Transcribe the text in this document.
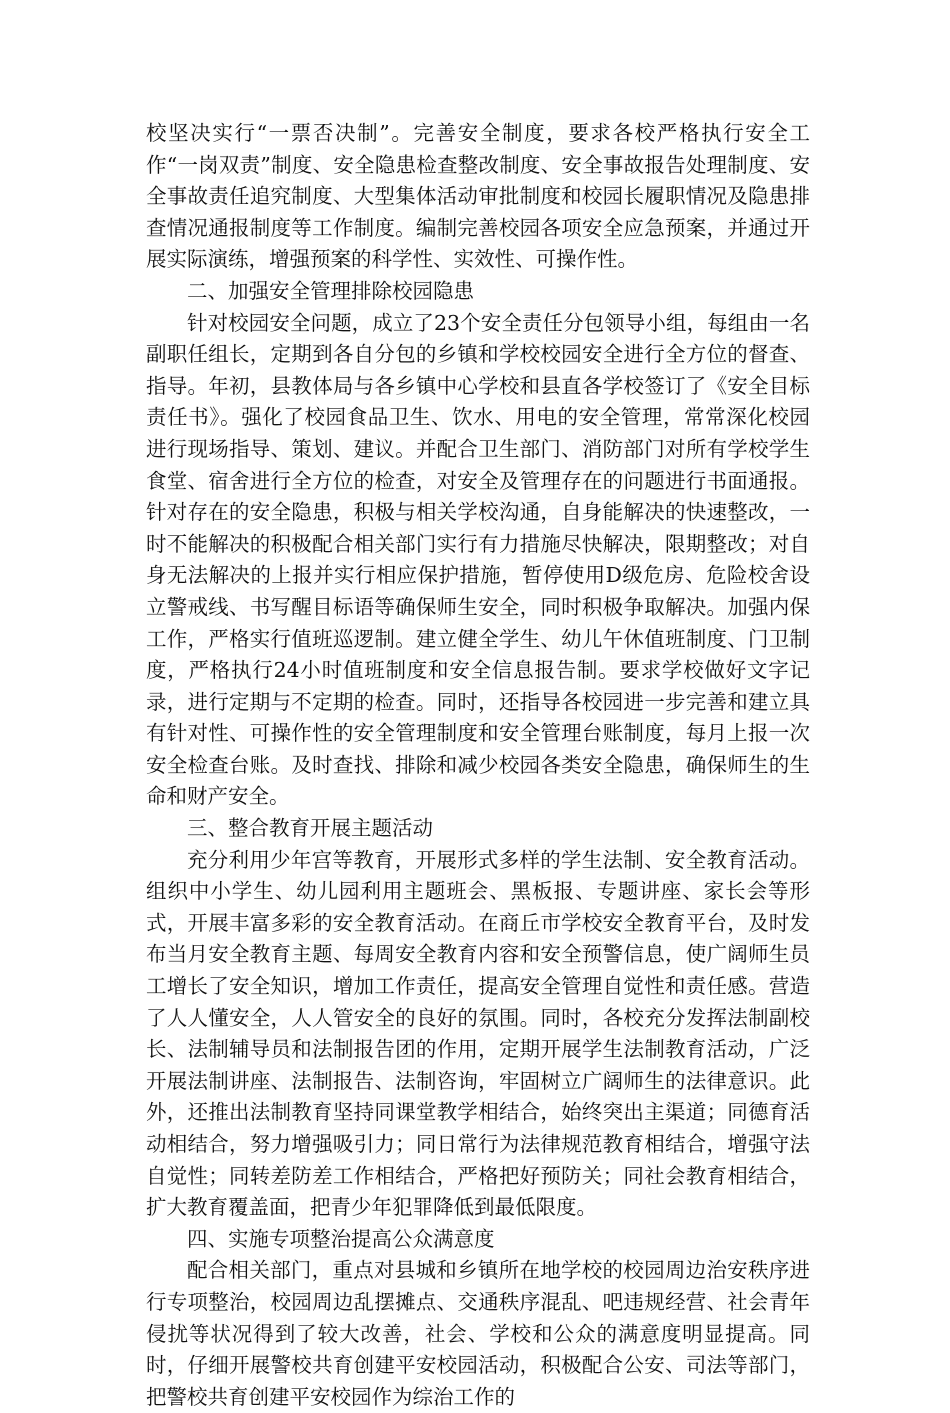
校坚决实行“一票否决制”。完善安全制度，要求各校严格执行安全工作“一岗双责”制度、安全隐患检查整改制度、安全事故报告处理制度、安全事故责任追究制度、大型集体活动审批制度和校园长履职情况及隐患排查情况通报制度等工作制度。编制完善校园各项安全应急预案，并通过开展实际演练，增强预案的科学性、实效性、可操作性。

二、加强安全管理排除校园隐患

针对校园安全问题，成立了23个安全责任分包领导小组，每组由一名副职任组长，定期到各自分包的乡镇和学校校园安全进行全方位的督查、指导。年初，县教体局与各乡镇中心学校和县直各学校签订了《安全目标责任书》。强化了校园食品卫生、饮水、用电的安全管理，常常深化校园进行现场指导、策划、建议。并配合卫生部门、消防部门对所有学校学生食堂、宿舍进行全方位的检查，对安全及管理存在的问题进行书面通报。针对存在的安全隐患，积极与相关学校沟通，自身能解决的快速整改，一时不能解决的积极配合相关部门实行有力措施尽快解决，限期整改；对自身无法解决的上报并实行相应保护措施，暂停使用D级危房、危险校舍设立警戒线、书写醒目标语等确保师生安全，同时积极争取解决。加强内保工作，严格实行值班巡逻制。建立健全学生、幼儿午休值班制度、门卫制度，严格执行24小时值班制度和安全信息报告制。要求学校做好文字记录，进行定期与不定期的检查。同时，还指导各校园进一步完善和建立具有针对性、可操作性的安全管理制度和安全管理台账制度，每月上报一次安全检查台账。及时查找、排除和减少校园各类安全隐患，确保师生的生命和财产安全。

三、整合教育开展主题活动

充分利用少年宫等教育，开展形式多样的学生法制、安全教育活动。组织中小学生、幼儿园利用主题班会、黑板报、专题讲座、家长会等形式，开展丰富多彩的安全教育活动。在商丘市学校安全教育平台，及时发布当月安全教育主题、每周安全教育内容和安全预警信息，使广阔师生员工增长了安全知识，增加工作责任，提高安全管理自觉性和责任感。营造了人人懂安全，人人管安全的良好的氛围。同时，各校充分发挥法制副校长、法制辅导员和法制报告团的作用，定期开展学生法制教育活动，广泛开展法制讲座、法制报告、法制咨询，牢固树立广阔师生的法律意识。此外，还推出法制教育坚持同课堂教学相结合，始终突出主渠道；同德育活动相结合，努力增强吸引力；同日常行为法律规范教育相结合，增强守法自觉性；同转差防差工作相结合，严格把好预防关；同社会教育相结合，扩大教育覆盖面，把青少年犯罪降低到最低限度。

四、实施专项整治提高公众满意度

配合相关部门，重点对县城和乡镇所在地学校的校园周边治安秩序进行专项整治，校园周边乱摆摊点、交通秩序混乱、吧违规经营、社会青年侵扰等状况得到了较大改善，社会、学校和公众的满意度明显提高。同时，仔细开展警校共育创建平安校园活动，积极配合公安、司法等部门，把警校共育创建平安校园作为综治工作的
